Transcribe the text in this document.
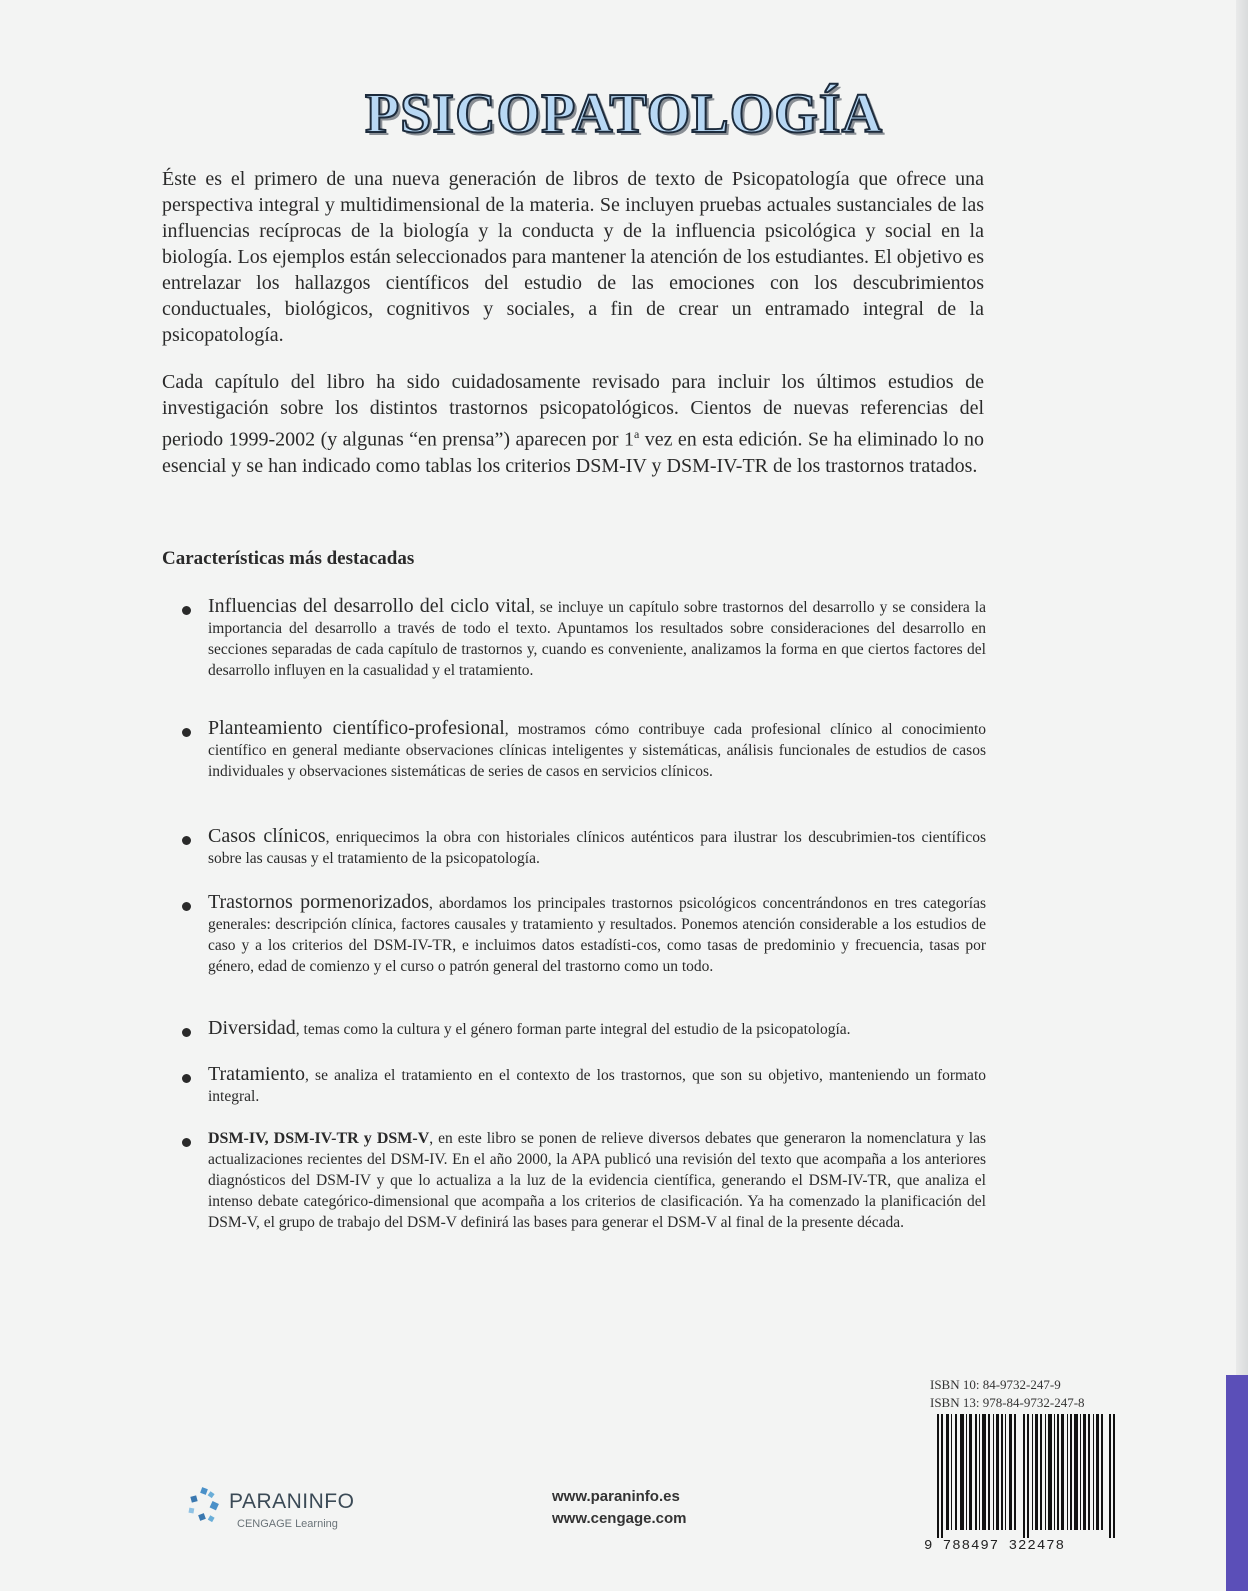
PSICOPATOLOGÍA
Éste es el primero de una nueva generación de libros de texto de Psicopatología que ofrece una perspectiva integral y multidimensional de la materia. Se incluyen pruebas actuales sustanciales de las influencias recíprocas de la biología y la conducta y de la influencia psicológica y social en la biología. Los ejemplos están seleccionados para mantener la atención de los estudiantes. El objetivo es entrelazar los hallazgos científicos del estudio de las emociones con los descubrimientos conductuales, biológicos, cognitivos y sociales, a fin de crear un entramado integral de la psicopatología.
Cada capítulo del libro ha sido cuidadosamente revisado para incluir los últimos estudios de investigación sobre los distintos trastornos psicopatológicos. Cientos de nuevas referencias del periodo 1999-2002 (y algunas “en prensa”) aparecen por 1$^a$ vez en esta edición. Se ha eliminado lo no esencial y se han indicado como tablas los criterios DSM-IV y DSM-IV-TR de los trastornos tratados.
Características más destacadas
Influencias del desarrollo del ciclo vital, se incluye un capítulo sobre trastornos del desarrollo y se considera la importancia del desarrollo a través de todo el texto. Apuntamos los resultados sobre consideraciones del desarrollo en secciones separadas de cada capítulo de trastornos y, cuando es conveniente, analizamos la forma en que ciertos factores del desarrollo influyen en la casualidad y el tratamiento.
Planteamiento científico-profesional, mostramos cómo contribuye cada profesional clínico al conocimiento científico en general mediante observaciones clínicas inteligentes y sistemáticas, análisis funcionales de estudios de casos individuales y observaciones sistemáticas de series de casos en servicios clínicos.
Casos clínicos, enriquecimos la obra con historiales clínicos auténticos para ilustrar los descubrimien-tos científicos sobre las causas y el tratamiento de la psicopatología.
Trastornos pormenorizados, abordamos los principales trastornos psicológicos concentrándonos en tres categorías generales: descripción clínica, factores causales y tratamiento y resultados. Ponemos atención considerable a los estudios de caso y a los criterios del DSM-IV-TR, e incluimos datos estadísti-cos, como tasas de predominio y frecuencia, tasas por género, edad de comienzo y el curso o patrón general del trastorno como un todo.
Diversidad, temas como la cultura y el género forman parte integral del estudio de la psicopatología.
Tratamiento, se analiza el tratamiento en el contexto de los trastornos, que son su objetivo, manteniendo un formato integral.
DSM-IV, DSM-IV-TR y DSM-V, en este libro se ponen de relieve diversos debates que generaron la nomenclatura y las actualizaciones recientes del DSM-IV. En el año 2000, la APA publicó una revisión del texto que acompaña a los anteriores diagnósticos del DSM-IV y que lo actualiza a la luz de la evidencia científica, generando el DSM-IV-TR, que analiza el intenso debate categórico-dimensional que acompaña a los criterios de clasificación. Ya ha comenzado la planificación del DSM-V, el grupo de trabajo del DSM-V definirá las bases para generar el DSM-V al final de la presente década.
ISBN 10: 84-9732-247-9
ISBN 13: 978-84-9732-247-8
9 788497 322478
PARANINFO
CENGAGE Learning
www.paraninfo.es
www.cengage.com
